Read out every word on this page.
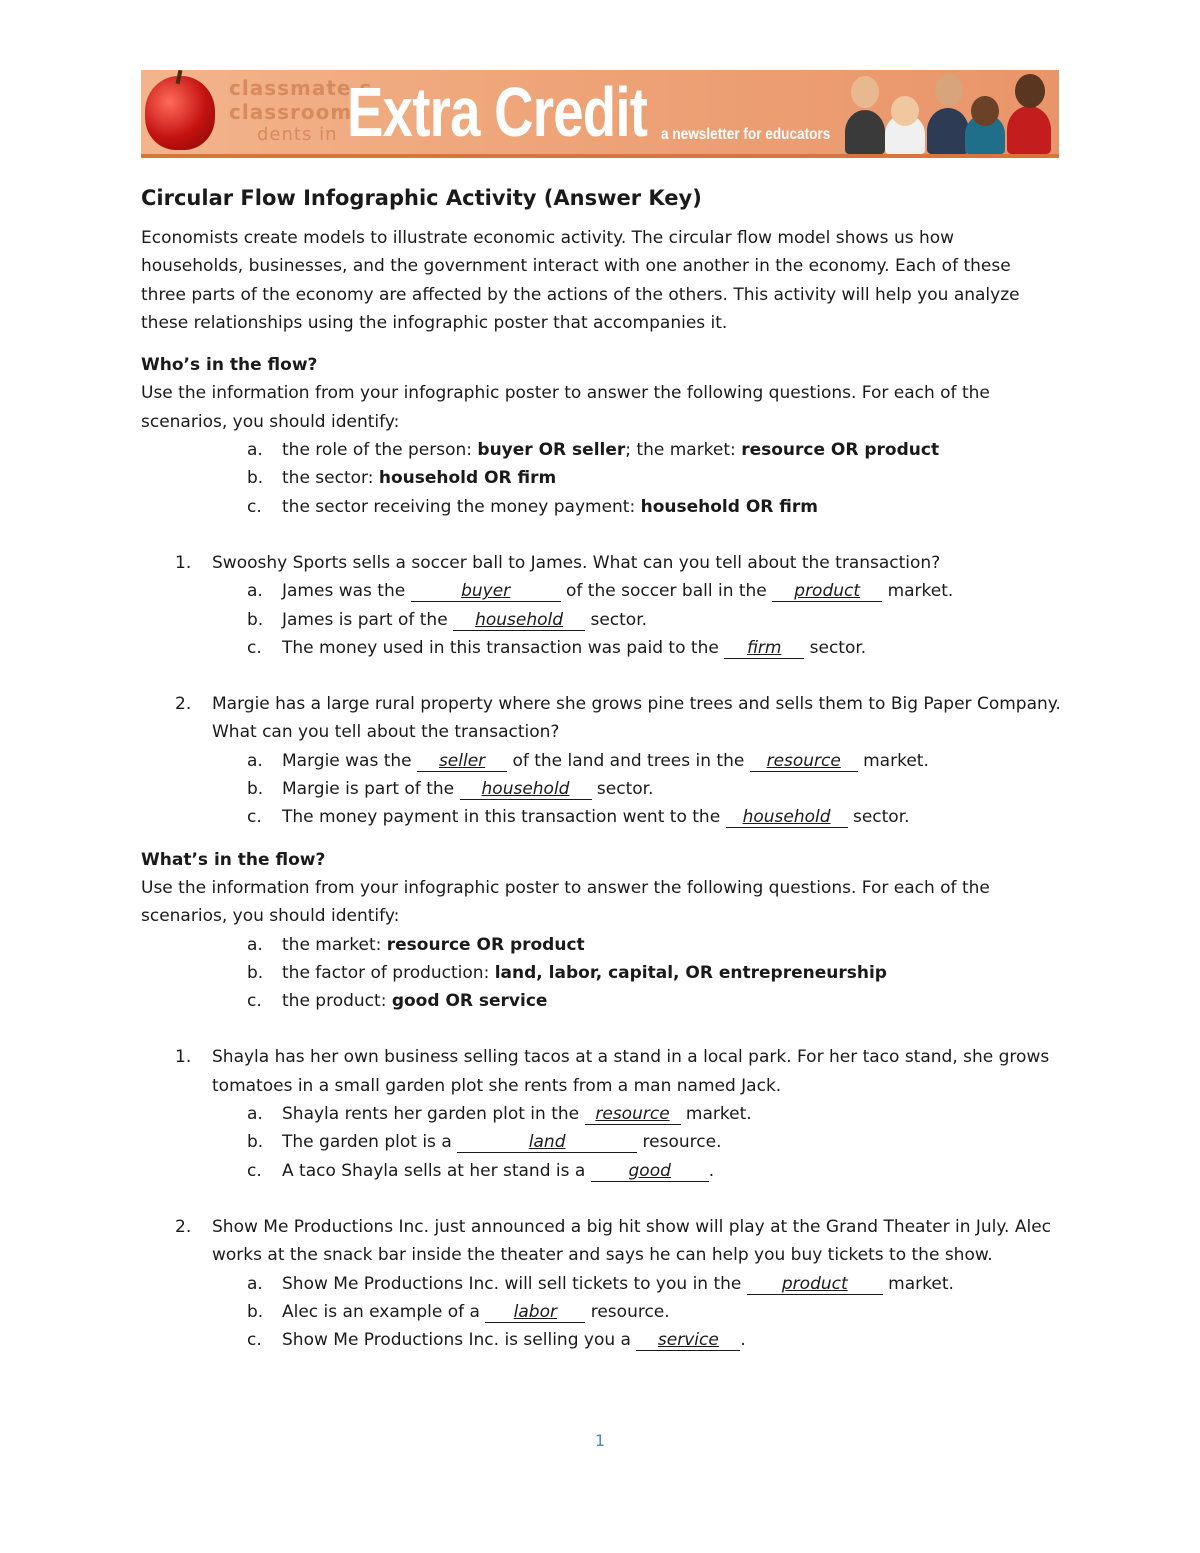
classmate s
classroom
dents in Extra Credit a newsletter for educators
Circular Flow Infographic Activity (Answer Key)

Economists create models to illustrate economic activity. The circular flow model shows us how households, businesses, and the government interact with one another in the economy. Each of these three parts of the economy are affected by the actions of the others. This activity will help you analyze these relationships using the infographic poster that accompanies it.

Who’s in the flow?

Use the information from your infographic poster to answer the following questions. For each of the scenarios, you should identify:

a. the role of the person: buyer OR seller; the market: resource OR product
b. the sector: household OR firm
c. the sector receiving the money payment: household OR firm
1. Swooshy Sports sells a soccer ball to James. What can you tell about the transaction?
a. James was the	buyer	of the soccer ball in the product market.
b. James is part of the household sector.
c. The money used in this transaction was paid to the firm sector.
2. Margie has a large rural property where she grows pine trees and sells them to Big Paper Company. What can you tell about the transaction?
a. Margie was the seller of the land and trees in the resource market.
b. Margie is part of the household sector.
c. The money payment in this transaction went to the household sector.
What’s in the flow?

Use the information from your infographic poster to answer the following questions. For each of the scenarios, you should identify:

a. the market: resource OR product
b. the factor of production: land, labor, capital, OR entrepreneurship
c. the product: good OR service
1. Shayla has her own business selling tacos at a stand in a local park. For her taco stand, she grows tomatoes in a small garden plot she rents from a man named Jack.
a. Shayla rents her garden plot in the resource market.
b. The garden plot is a	land	resource.
c. A taco Shayla sells at her stand is a good .
2. Show Me Productions Inc. just announced a big hit show will play at the Grand Theater in July. Alec works at the snack bar inside the theater and says he can help you buy tickets to the show.
a. Show Me Productions Inc. will sell tickets to you in the product market.
b. Alec is an example of a labor resource.
c. Show Me Productions Inc. is selling you a service .
1
